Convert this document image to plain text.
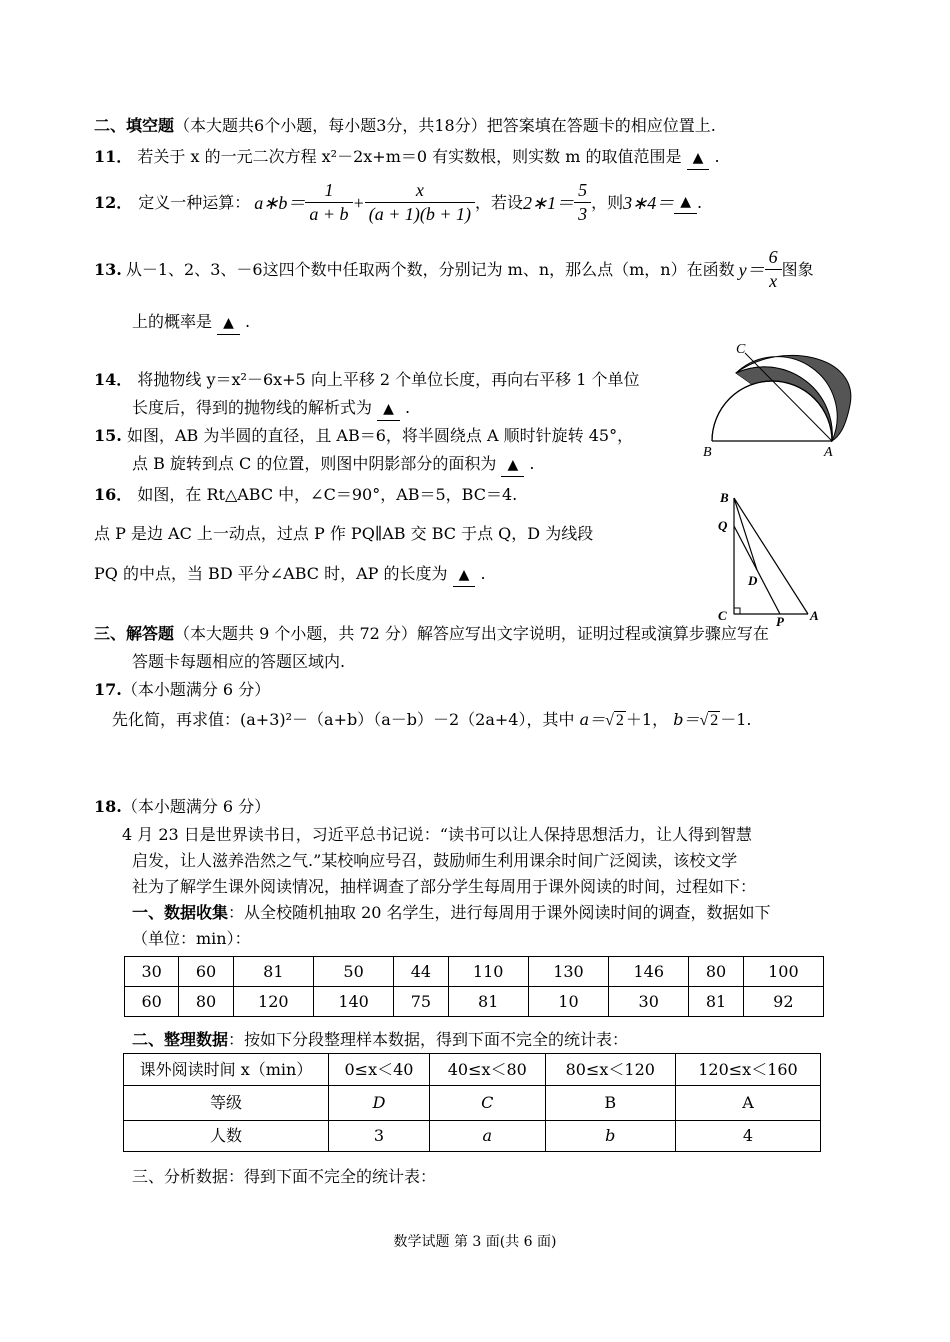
二、填空题（本大题共6个小题，每小题3分，共18分）把答案填在答题卡的相应位置上.
11． 若关于 x 的一元二次方程 x²－2x+m＝0 有实数根，则实数 m 的取值范围是 ▲ .
12 ． 定义一种运算： a∗b＝ $\frac{1}{a + b} + \frac{x}{(a + 1)(b + 1)}$ ，若设 2∗1＝ $\frac{5}{3}$ ，则 3∗4＝ ▲ .
13 . 从－1、2、3、－6这四个数中任取两个数，分别记为 m、n，那么点（m，n）在函数 $y= \frac{6}{x}$ 图象
上的概率是 ▲ .
14． 将抛物线 y＝x²－6x+5 向上平移 2 个单位长度，再向右平移 1 个单位
长度后，得到的抛物线的解析式为 ▲ .
15. 如图，AB 为半圆的直径，且 AB＝6，将半圆绕点 A 顺时针旋转 45°，
点 B 旋转到点 C 的位置，则图中阴影部分的面积为 ▲ .
C
B	A
16． 如图，在 Rt△ABC 中，∠C＝90°，AB＝5，BC＝4.
点 P 是边 AC 上一动点，过点 P 作 PQ∥AB 交 BC 于点 Q，D 为线段
PQ 的中点，当 BD 平分∠ABC 时，AP 的长度为 ▲ .
B
Q
D
C	P A
三、解答题（本大题共 9 个小题，共 72 分）解答应写出文字说明，证明过程或演算步骤应写在
答题卡每题相应的答题区域内.
17.（本小题满分 6 分）
先化简，再求值：(a+3)²－（a+b）（a－b）－2（2a+4），其中 a＝√ 2 ＋1， b＝√ 2 －1.
18.（本小题满分 6 分）
4 月 23 日是世界读书日，习近平总书记说：“读书可以让人保持思想活力，让人得到智慧
启发，让人滋养浩然之气.”某校响应号召，鼓励师生利用课余时间广泛阅读，该校文学
社为了解学生课外阅读情况，抽样调查了部分学生每周用于课外阅读的时间，过程如下：
一、数据收集：从全校随机抽取 20 名学生，进行每周用于课外阅读时间的调查，数据如下
（单位：min）：
30	60	81	50	44	110	130	146	80	100
60	80	120	140	75	81	10	30	81	92
二、整理数据：按如下分段整理样本数据，得到下面不完全的统计表：
课外阅读时间 x（min）	0≤x＜40	40≤x＜80	80≤x＜120	120≤x＜160
等级	D	C	B	A
人数	3	a	b	4
三、分析数据：得到下面不完全的统计表：
数学试题 第 3 面(共 6 面)
